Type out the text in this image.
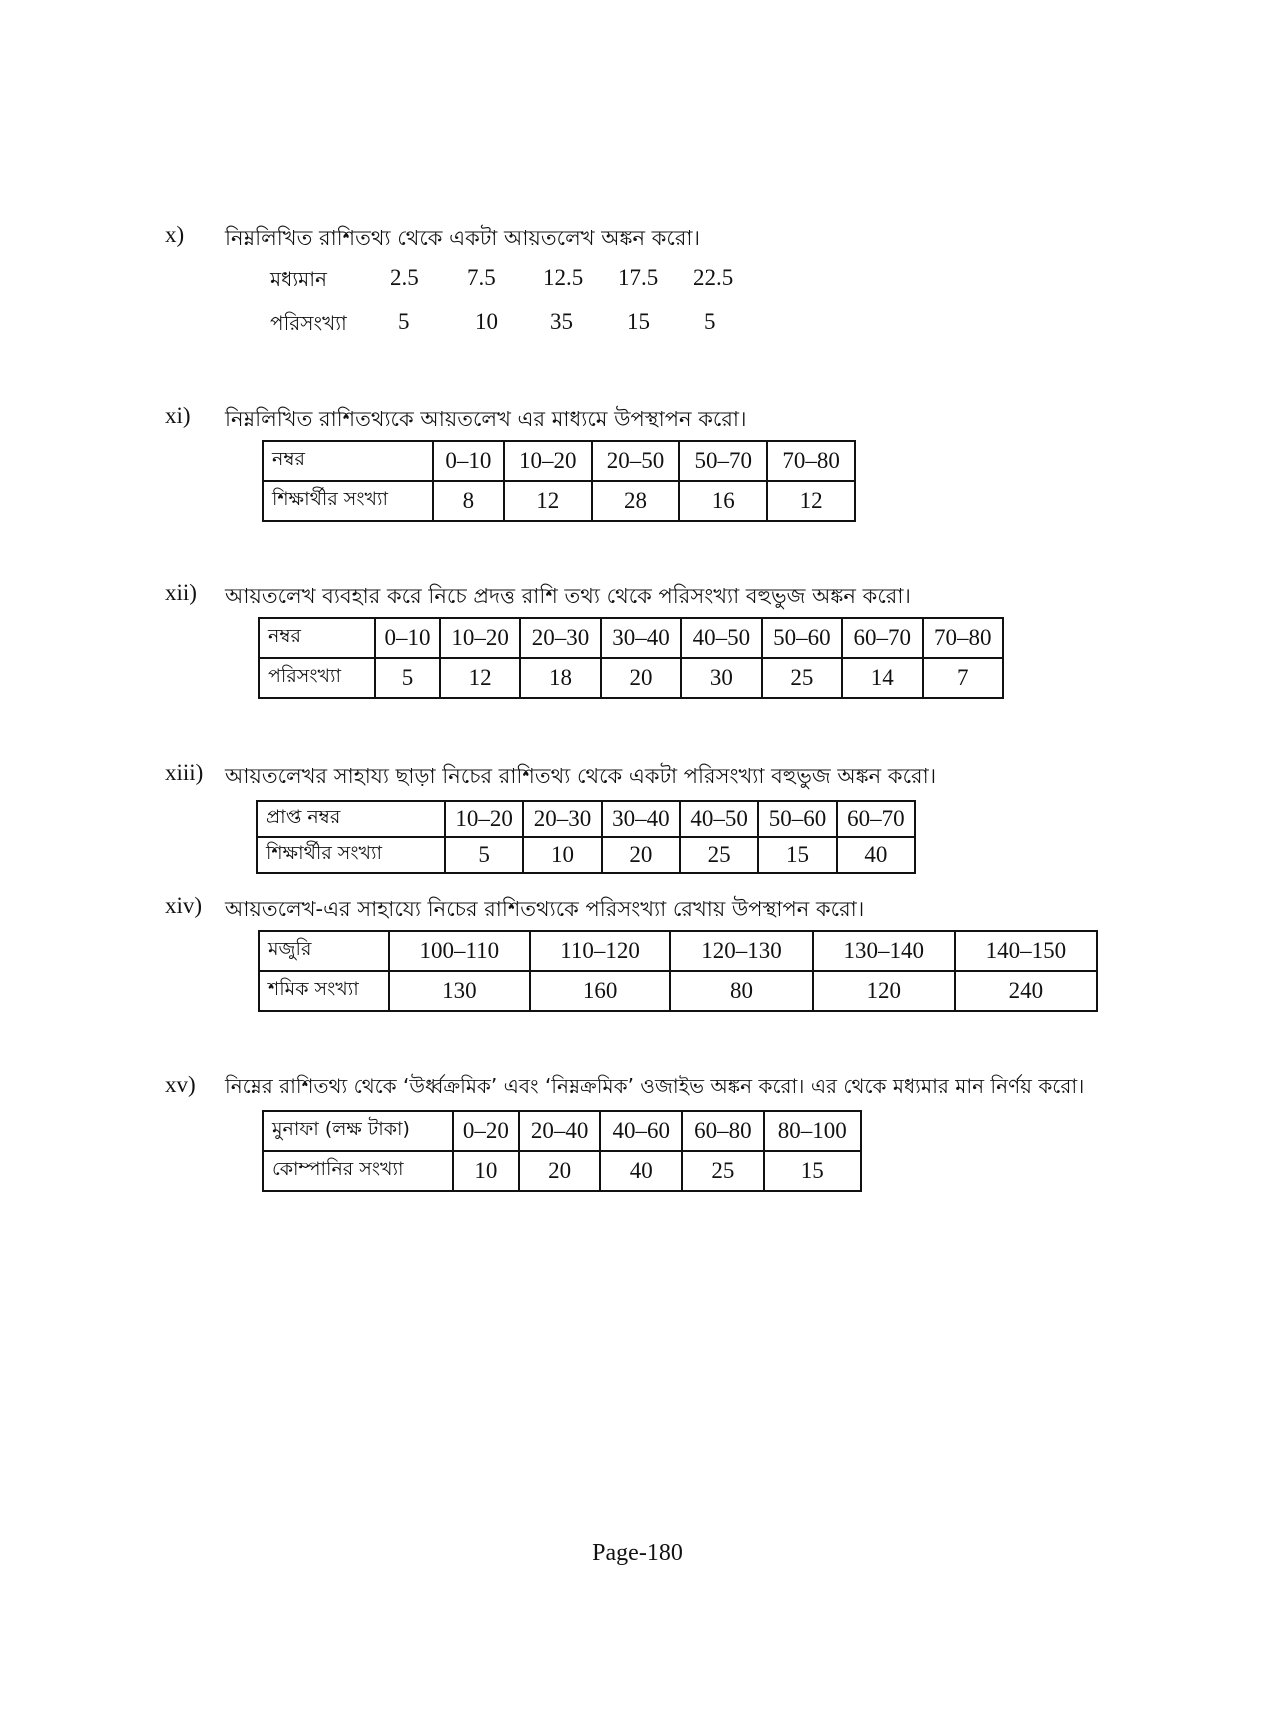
x) নিম্নলিখিত রাশিতথ্য থেকে একটা আয়তলেখ অঙ্কন করো।
মধ্যমান	2.5 7.5 12.5 17.5 22.5
পরিসংখ্যা 5	10 35 15 5
xi) নিম্নলিখিত রাশিতথ্যকে আয়তলেখ এর মাধ্যমে উপস্থাপন করো।
নম্বর	0–10	10–20	20–50	50–70	70–80
শিক্ষার্থীর সংখ্যা	8	12	28	16	12
xii) আয়তলেখ ব্যবহার করে নিচে প্রদত্ত রাশি তথ্য থেকে পরিসংখ্যা বহুভুজ অঙ্কন করো।
নম্বর	0–10	10–20	20–30	30–40	40–50	50–60	60–70	70–80
পরিসংখ্যা	5	12	18	20	30	25	14	7
xiii) আয়তলেখর সাহায্য ছাড়া নিচের রাশিতথ্য থেকে একটা পরিসংখ্যা বহুভুজ অঙ্কন করো।
প্রাপ্ত নম্বর	10–20	20–30	30–40	40–50	50–60	60–70
শিক্ষার্থীর সংখ্যা	5	10	20	25	15	40
xiv) আয়তলেখ-এর সাহায্যে নিচের রাশিতথ্যকে পরিসংখ্যা রেখায় উপস্থাপন করো।
মজুরি	100–110	110–120	120–130	130–140	140–150
শমিক সংখ্যা	130	160	80	120	240
xv) নিম্নের রাশিতথ্য থেকে ‘উর্ধ্বক্রমিক’ এবং ‘নিম্নক্রমিক’ ওজাইভ অঙ্কন করো। এর থেকে মধ্যমার মান নির্ণয় করো।
মুনাফা (লক্ষ টাকা)	0–20	20–40	40–60	60–80	80–100
কোম্পানির সংখ্যা	10	20	40	25	15
Page-180
